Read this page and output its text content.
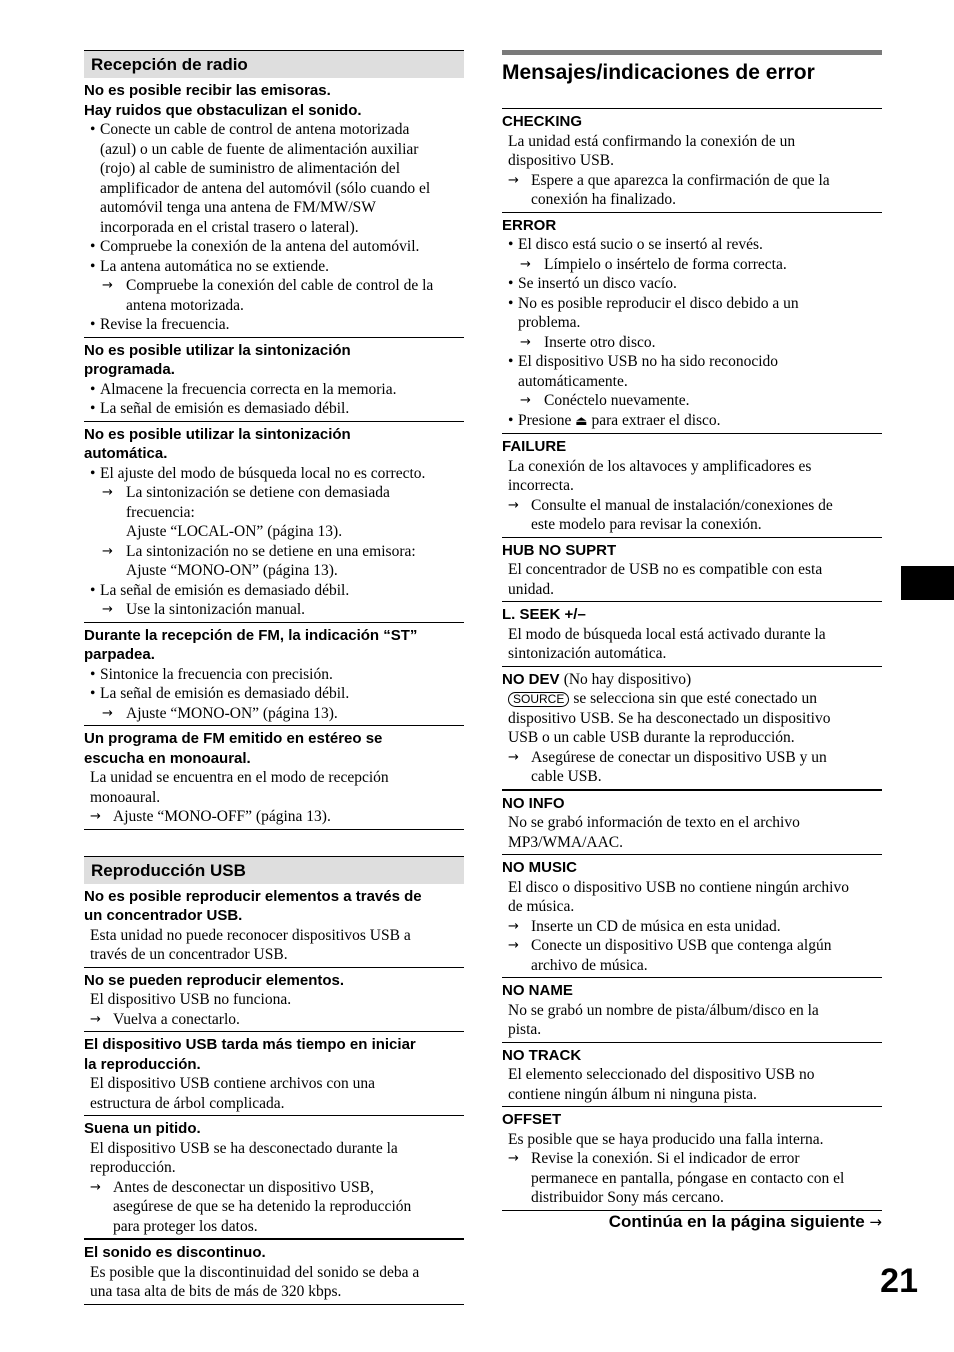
Recepción de radio
No es posible recibir las emisoras.
Hay ruidos que obstaculizan el sonido.
• Conecte un cable de control de antena motorizada
(azul) o un cable de fuente de alimentación auxiliar
(rojo) al cable de suministro de alimentación del
amplificador de antena del automóvil (sólo cuando el
automóvil tenga una antena de FM/MW/SW
incorporada en el cristal trasero o lateral).
• Compruebe la conexión de la antena del automóvil.
• La antena automática no se extiende.
→ Compruebe la conexión del cable de control de la
antena motorizada.
• Revise la frecuencia.
No es posible utilizar la sintonización
programada.
• Almacene la frecuencia correcta en la memoria.
• La señal de emisión es demasiado débil.
No es posible utilizar la sintonización
automática.
• El ajuste del modo de búsqueda local no es correcto.
→ La sintonización se detiene con demasiada
frecuencia:
Ajuste “LOCAL-ON” (página 13).
→ La sintonización no se detiene en una emisora:
Ajuste “MONO-ON” (página 13).
• La señal de emisión es demasiado débil.
→ Use la sintonización manual.
Durante la recepción de FM, la indicación “ST”
parpadea.
• Sintonice la frecuencia con precisión.
• La señal de emisión es demasiado débil.
→ Ajuste “MONO-ON” (página 13).
Un programa de FM emitido en estéreo se
escucha en monoaural.
La unidad se encuentra en el modo de recepción
monoaural.
→ Ajuste “MONO-OFF” (página 13).
Reproducción USB
No es posible reproducir elementos a través de
un concentrador USB.
Esta unidad no puede reconocer dispositivos USB a
través de un concentrador USB.
No se pueden reproducir elementos.
El dispositivo USB no funciona.
→ Vuelva a conectarlo.
El dispositivo USB tarda más tiempo en iniciar
la reproducción.
El dispositivo USB contiene archivos con una
estructura de árbol complicada.
Suena un pitido.
El dispositivo USB se ha desconectado durante la
reproducción.
→ Antes de desconectar un dispositivo USB,
asegúrese de que se ha detenido la reproducción
para proteger los datos.
El sonido es discontinuo.
Es posible que la discontinuidad del sonido se deba a
una tasa alta de bits de más de 320 kbps.
Mensajes/indicaciones de error
CHECKING
La unidad está confirmando la conexión de un
dispositivo USB.
→ Espere a que aparezca la confirmación de que la
conexión ha finalizado.
ERROR
• El disco está sucio o se insertó al revés.
→ Límpielo o insértelo de forma correcta.
• Se insertó un disco vacío.
• No es posible reproducir el disco debido a un
problema.
→ Inserte otro disco.
• El dispositivo USB no ha sido reconocido
automáticamente.
→ Conéctelo nuevamente.
• Presione ⏏ para extraer el disco.
FAILURE
La conexión de los altavoces y amplificadores es
incorrecta.
→ Consulte el manual de instalación/conexiones de
este modelo para revisar la conexión.
HUB NO SUPRT
El concentrador de USB no es compatible con esta
unidad.
L. SEEK +/–
El modo de búsqueda local está activado durante la
sintonización automática.
NO DEV (No hay dispositivo)
SOURCE se selecciona sin que esté conectado un
dispositivo USB. Se ha desconectado un dispositivo
USB o un cable USB durante la reproducción.
→ Asegúrese de conectar un dispositivo USB y un
cable USB.
NO INFO
No se grabó información de texto en el archivo
MP3/WMA/AAC.
NO MUSIC
El disco o dispositivo USB no contiene ningún archivo
de música.
→ Inserte un CD de música en esta unidad.
→ Conecte un dispositivo USB que contenga algún
archivo de música.
NO NAME
No se grabó un nombre de pista/álbum/disco en la
pista.
NO TRACK
El elemento seleccionado del dispositivo USB no
contiene ningún álbum ni ninguna pista.
OFFSET
Es posible que se haya producido una falla interna.
→ Revise la conexión. Si el indicador de error
permanece en pantalla, póngase en contacto con el
distribuidor Sony más cercano.
Continúa en la página siguiente →
21
